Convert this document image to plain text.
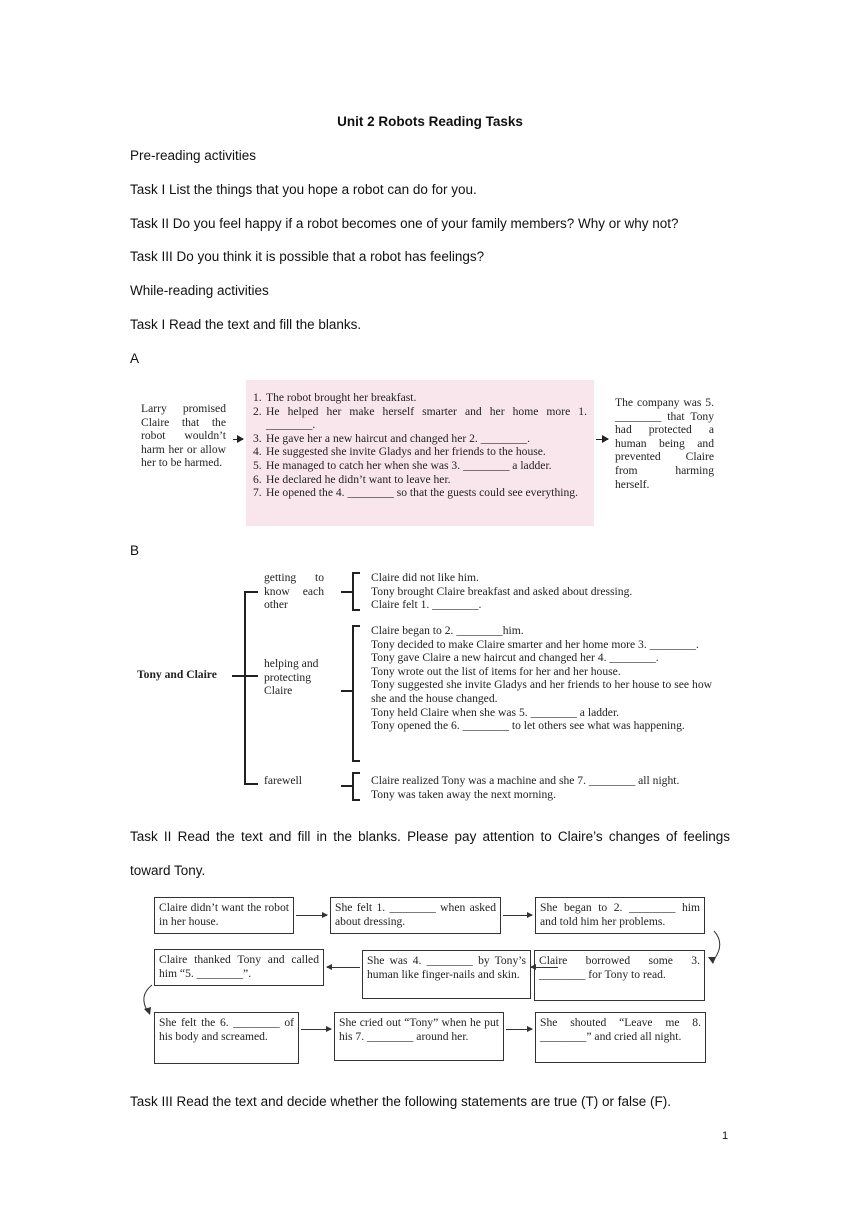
Unit 2 Robots Reading Tasks
Pre-reading activities
Task I List the things that you hope a robot can do for you.
Task II Do you feel happy if a robot becomes one of your family members? Why or why not?
Task III Do you think it is possible that a robot has feelings?
While-reading activities
Task I Read the text and fill the blanks.
A
Larry promised Claire that the robot wouldn’t harm her or allow her to be harmed.
1. The robot brought her breakfast.
2. He helped her make herself smarter and her home more 1. ________.
3. He gave her a new haircut and changed her 2. ________.
4. He suggested she invite Gladys and her friends to the house.
5. He managed to catch her when she was 3. ________ a ladder.
6. He declared he didn’t want to leave her.
7. He opened the 4. ________ so that the guests could see everything.
The company was 5. ________ that Tony had protected a human being and prevented Claire from harming herself.
B
Tony and Claire
getting to know each other
helping and protecting Claire
farewell
Claire did not like him.
Tony brought Claire breakfast and asked about dressing.
Claire felt 1. ________.
Claire began to 2. ________him.
Tony decided to make Claire smarter and her home more 3. ________.
Tony gave Claire a new haircut and changed her 4. ________.
Tony wrote out the list of items for her and her house.
Tony suggested she invite Gladys and her friends to her house to see how she and the house changed.
Tony held Claire when she was 5. ________ a ladder.
Tony opened the 6. ________ to let others see what was happening.
Claire realized Tony was a machine and she 7. ________ all night.
Tony was taken away the next morning.
Task II Read the text and fill in the blanks. Please pay attention to Claire’s changes of feelings toward Tony.
Claire didn’t want the robot in her house.
She felt 1. ________ when asked about dressing.
She began to 2. ________ him and told him her problems.
Claire borrowed some 3. ________ for Tony to read.
She was 4. ________ by Tony’s human like finger-nails and skin.
Claire thanked Tony and called him “5. ________”.
She felt the 6. ________ of his body and screamed.
She cried out “Tony” when he put his 7. ________ around her.
She shouted “Leave me 8. ________” and cried all night.
Task III Read the text and decide whether the following statements are true (T) or false (F).
1
